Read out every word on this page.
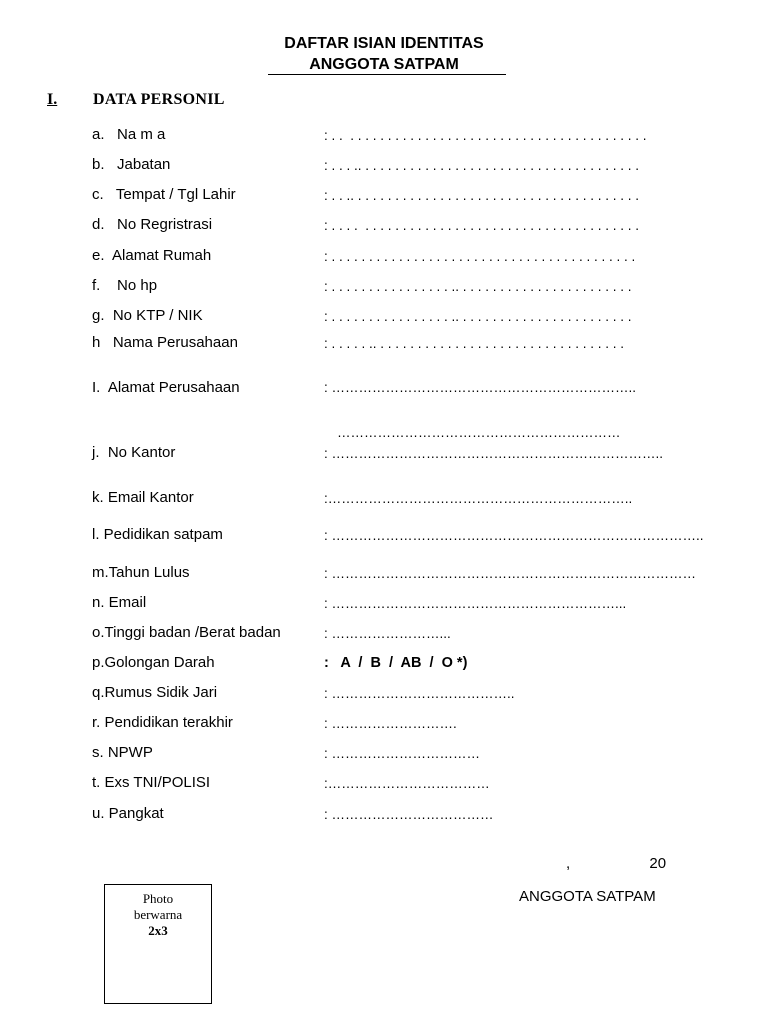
DAFTAR ISIAN IDENTITAS
ANGGOTA SATPAM
I. DATA PERSONIL
a.   Na m a	: . .  . . . . . . . . . . . . . . . . . . . . . . . . . . . . . . . . . . . . . . . .
b.   Jabatan	: . . . .. . . . . . . . . . . . . . . . . . . . . . . . . . . . . . . . . . . . . .
c.   Tempat / Tgl Lahir	: . . .. . . . . . . . . . . . . . . . . . . . . . . . . . . . . . . . . . . . . . .
d.   No Regristrasi	: . . . .  . . . . . . . . . . . . . . . . . . . . . . . . . . . . . . . . . . . . .
e.  Alamat Rumah	: . . . . . . . . . . . . . . . . . . . . . . . . . . . . . . . . . . . . . . . . .
f.    No hp	: . . . . . . . . . . . . . . . . .. . . . . . . . . . . . . . . . . . . . . . . .
g.  No KTP / NIK	: . . . . . . . . . . . . . . . . .. . . . . . . . . . . . . . . . . . . . . . . .
h   Nama Perusahaan	: . . . . . .. . . . . . . . . . . . . . . . . . . . . . . . . . . . . . . . . .
I.  Alamat Perusahaan	: …………………………………………………………..
………………………………………………………
j.  No Kantor	: ………………………………………………………………..
k. Email Kantor	:…………………………………………………………..
l. Pedidikan satpam	: ………………………………………………………………………..
m.Tahun Lulus	: ………………………………………………………………………
n. Email	: ………………………………………………………...
o.Tinggi badan /Berat badan	: ……………………...
p.Golongan Darah	:   A  /  B  /  AB  /  O *)
q.Rumus Sidik Jari	: …………………………………..
r. Pendidikan terakhir	: ……………………….
s. NPWP	: ……………………………
t. Exs TNI/POLISI	:………………………………
u. Pangkat	: ………………………………
,                   20
ANGGOTA SATPAM
Photo
berwarna
2x3
